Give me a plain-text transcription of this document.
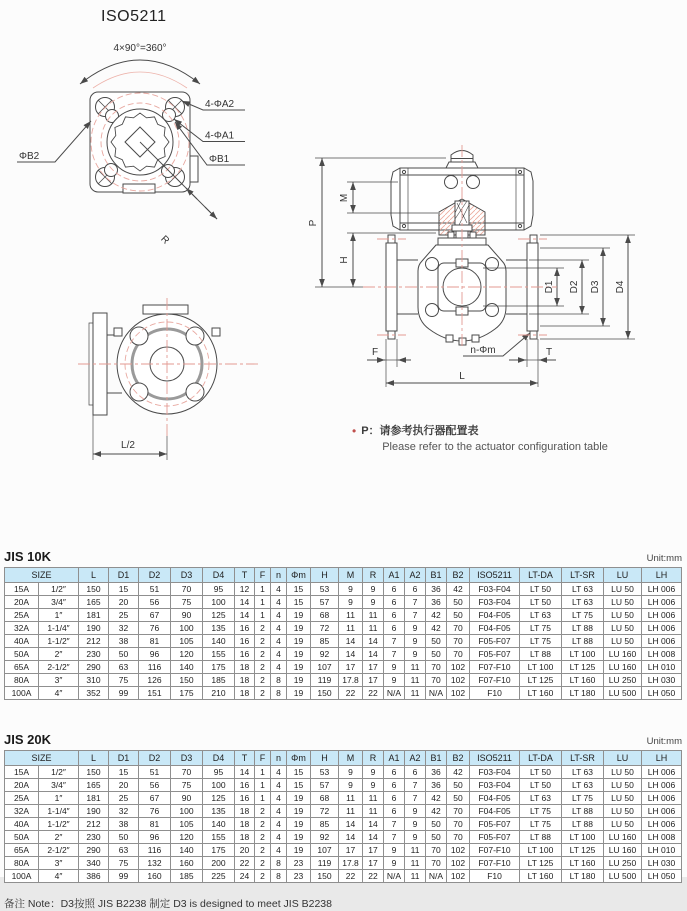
ISO5211
4×90°=360°
4-ΦA2
4-ΦA1
ΦB1
ΦB2
R
P
M
H
D1 D2 D3 D4
F	T
L
n-Φm
L/2
• P：请参考执行器配置表
Please refer to the actuator configuration table
JIS 10K	Unit:mm
SIZE		L	D1	D2	D3	D4	T	F	n	Φm	H	M	R	A1	A2	B1	B2	ISO5211	LT-DA	LT-SR	LU	LH
15A	1/2″	150	15	51	70	95	12	1	4	15	53	9	9	6	6	36	42	F03-F04	LT 50	LT 63	LU 50	LH 006
20A	3/4″	165	20	56	75	100	14	1	4	15	57	9	9	6	7	36	50	F03-F04	LT 50	LT 63	LU 50	LH 006
25A	1″	181	25	67	90	125	14	1	4	19	68	11	11	6	7	42	50	F04-F05	LT 63	LT 75	LU 50	LH 006
32A	1-1/4″	190	32	76	100	135	16	2	4	19	72	11	11	6	9	42	70	F04-F05	LT 75	LT 88	LU 50	LH 006
40A	1-1/2″	212	38	81	105	140	16	2	4	19	85	14	14	7	9	50	70	F05-F07	LT 75	LT 88	LU 50	LH 006
50A	2″	230	50	96	120	155	16	2	4	19	92	14	14	7	9	50	70	F05-F07	LT 88	LT 100	LU 160	LH 008
65A	2-1/2″	290	63	116	140	175	18	2	4	19	107	17	17	9	11	70	102	F07-F10	LT 100	LT 125	LU 160	LH 010
80A	3″	310	75	126	150	185	18	2	8	19	119	17.8	17	9	11	70	102	F07-F10	LT 125	LT 160	LU 250	LH 030
100A	4″	352	99	151	175	210	18	2	8	19	150	22	22	N/A	11	N/A	102	F10	LT 160	LT 180	LU 500	LH 050
JIS 20K	Unit:mm
SIZE		L	D1	D2	D3	D4	T	F	n	Φm	H	M	R	A1	A2	B1	B2	ISO5211	LT-DA	LT-SR	LU	LH
15A	1/2″	150	15	51	70	95	14	1	4	15	53	9	9	6	6	36	42	F03-F04	LT 50	LT 63	LU 50	LH 006
20A	3/4″	165	20	56	75	100	16	1	4	15	57	9	9	6	7	36	50	F03-F04	LT 50	LT 63	LU 50	LH 006
25A	1″	181	25	67	90	125	16	1	4	19	68	11	11	6	7	42	50	F04-F05	LT 63	LT 75	LU 50	LH 006
32A	1-1/4″	190	32	76	100	135	18	2	4	19	72	11	11	6	9	42	70	F04-F05	LT 75	LT 88	LU 50	LH 006
40A	1-1/2″	212	38	81	105	140	18	2	4	19	85	14	14	7	9	50	70	F05-F07	LT 75	LT 88	LU 50	LH 006
50A	2″	230	50	96	120	155	18	2	4	19	92	14	14	7	9	50	70	F05-F07	LT 88	LT 100	LU 160	LH 008
65A	2-1/2″	290	63	116	140	175	20	2	4	19	107	17	17	9	11	70	102	F07-F10	LT 100	LT 125	LU 160	LH 010
80A	3″	340	75	132	160	200	22	2	8	23	119	17.8	17	9	11	70	102	F07-F10	LT 125	LT 160	LU 250	LH 030
100A	4″	386	99	160	185	225	24	2	8	23	150	22	22	N/A	11	N/A	102	F10	LT 160	LT 180	LU 500	LH 050
备注 Note：D3按照 JIS B2238 制定 D3 is designed to meet JIS B2238
